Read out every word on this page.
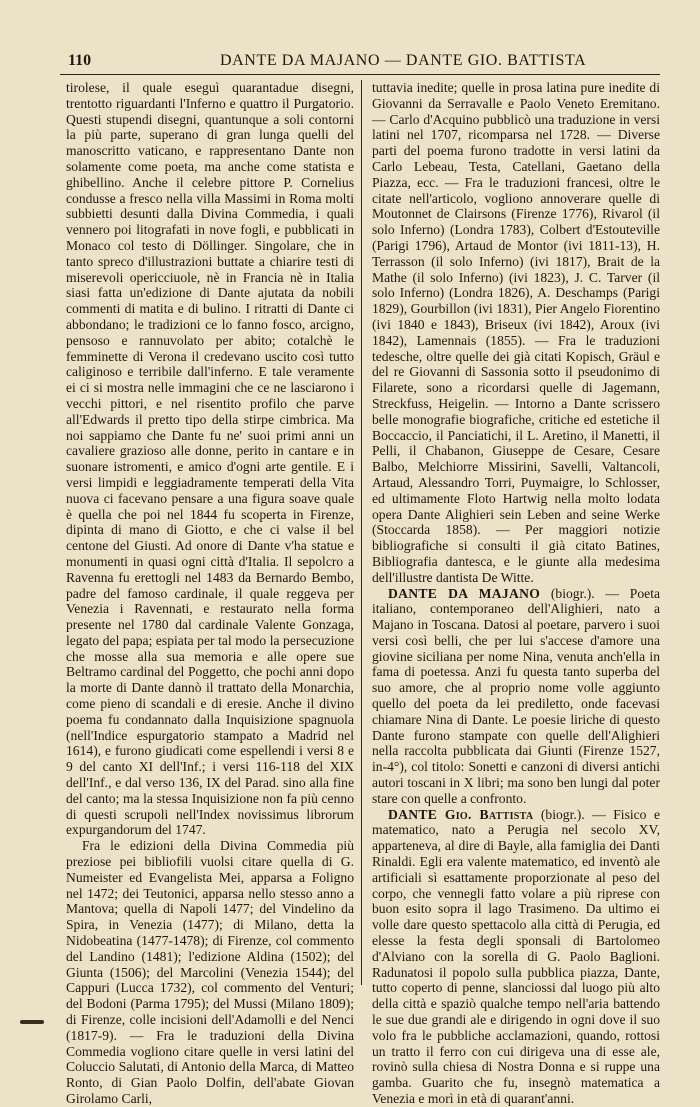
110	DANTE DA MAJANO — DANTE GIO. BATTISTA

tirolese, il quale eseguì quarantadue disegni, trentotto riguardanti l'Inferno e quattro il Purgatorio. Questi stupendi disegni, quantunque a soli contorni la più parte, superano di gran lunga quelli del manoscritto vaticano, e rappresentano Dante non solamente come poeta, ma anche come statista e ghibellino. Anche il celebre pittore P. Cornelius condusse a fresco nella villa Massimi in Roma molti subbietti desunti dalla Divina Commedia, i quali vennero poi litografati in nove fogli, e pubblicati in Monaco col testo di Döllinger. Singolare, che in tanto spreco d'illustrazioni buttate a chiarire testi di miserevoli opericciuole, nè in Francia nè in Italia siasi fatta un'edizione di Dante ajutata da nobili commenti di matita e di bulino. I ritratti di Dante ci abbondano; le tradizioni ce lo fanno fosco, arcigno, pensoso e rannuvolato per abito; cotalchè le femminette di Verona il credevano uscito così tutto caliginoso e terribile dall'inferno. E tale veramente ei ci si mostra nelle immagini che ce ne lasciarono i vecchi pittori, e nel risentito profilo che parve all'Edwards il pretto tipo della stirpe cimbrica. Ma noi sappiamo che Dante fu ne' suoi primi anni un cavaliere grazioso alle donne, perito in cantare e in suonare istromenti, e amico d'ogni arte gentile. E i versi limpidi e leggiadramente temperati della Vita nuova ci facevano pensare a una figura soave quale è quella che poi nel 1844 fu scoperta in Firenze, dipinta di mano di Giotto, e che ci valse il bel centone del Giusti. Ad onore di Dante v'ha statue e monumenti in quasi ogni città d'Italia. Il sepolcro a Ravenna fu erettogli nel 1483 da Bernardo Bembo, padre del famoso cardinale, il quale reggeva per Venezia i Ravennati, e restaurato nella forma presente nel 1780 dal cardinale Valente Gonzaga, legato del papa; espiata per tal modo la persecuzione che mosse alla sua memoria e alle opere sue Beltramo cardinal del Poggetto, che pochi anni dopo la morte di Dante dannò il trattato della Monarchia, come pieno di scandali e di eresie. Anche il divino poema fu condannato dalla Inquisizione spagnuola (nell'Indice espurgatorio stampato a Madrid nel 1614), e furono giudicati come espellendi i versi 8 e 9 del canto XI dell'Inf.; i versi 116-118 del XIX dell'Inf., e dal verso 136, IX del Parad. sino alla fine del canto; ma la stessa Inquisizione non fa più cenno di questi scrupoli nell'Index novissimus librorum expurgandorum del 1747.

Fra le edizioni della Divina Commedia più preziose pei bibliofili vuolsi citare quella di G. Numeister ed Evangelista Mei, apparsa a Foligno nel 1472; dei Teutonici, apparsa nello stesso anno a Mantova; quella di Napoli 1477; del Vindelino da Spira, in Venezia (1477); di Milano, detta la Nidobeatina (1477-1478); di Firenze, col commento del Landino (1481); l'edizione Aldina (1502); del Giunta (1506); del Marcolini (Venezia 1544); del Cappuri (Lucca 1732), col commento del Venturi; del Bodoni (Parma 1795); del Mussi (Milano 1809); di Firenze, colle incisioni dell'Adamolli e del Nenci (1817-9). — Fra le traduzioni della Divina Commedia vogliono citare quelle in versi latini del Coluccio Salutati, di Antonio della Marca, di Matteo Ronto, di Gian Paolo Dolfin, dell'abate Giovan Girolamo Carli,

tuttavia inedite; quelle in prosa latina pure inedite di Giovanni da Serravalle e Paolo Veneto Eremitano. — Carlo d'Acquino pubblicò una traduzione in versi latini nel 1707, ricomparsa nel 1728. — Diverse parti del poema furono tradotte in versi latini da Carlo Lebeau, Testa, Catellani, Gaetano della Piazza, ecc. — Fra le traduzioni francesi, oltre le citate nell'articolo, vogliono annoverare quelle di Moutonnet de Clairsons (Firenze 1776), Rivarol (il solo Inferno) (Londra 1783), Colbert d'Estouteville (Parigi 1796), Artaud de Montor (ivi 1811-13), H. Terrasson (il solo Inferno) (ivi 1817), Brait de la Mathe (il solo Inferno) (ivi 1823), J. C. Tarver (il solo Inferno) (Londra 1826), A. Deschamps (Parigi 1829), Gourbillon (ivi 1831), Pier Angelo Fiorentino (ivi 1840 e 1843), Briseux (ivi 1842), Aroux (ivi 1842), Lamennais (1855). — Fra le traduzioni tedesche, oltre quelle dei già citati Kopisch, Gräul e del re Giovanni di Sassonia sotto il pseudonimo di Filarete, sono a ricordarsi quelle di Jagemann, Streckfuss, Heigelin. — Intorno a Dante scrissero belle monografie biografiche, critiche ed estetiche il Boccaccio, il Panciatichi, il L. Aretino, il Manetti, il Pelli, il Chabanon, Giuseppe de Cesare, Cesare Balbo, Melchiorre Missirini, Savelli, Valtancoli, Artaud, Alessandro Torri, Puymaigre, lo Schlosser, ed ultimamente Floto Hartwig nella molto lodata opera Dante Alighieri sein Leben and seine Werke (Stoccarda 1858). — Per maggiori notizie bibliografiche si consulti il già citato Batines, Bibliografia dantesca, e le giunte alla medesima dell'illustre dantista De Witte.

DANTE DA MAJANO (biogr.). — Poeta italiano, contemporaneo dell'Alighieri, nato a Majano in Toscana. Datosi al poetare, parvero i suoi versi così belli, che per lui s'accese d'amore una giovine siciliana per nome Nina, venuta anch'ella in fama di poetessa. Anzi fu questa tanto superba del suo amore, che al proprio nome volle aggiunto quello del poeta da lei prediletto, onde facevasi chiamare Nina di Dante. Le poesie liriche di questo Dante furono stampate con quelle dell'Alighieri nella raccolta pubblicata dai Giunti (Firenze 1527, in-4°), col titolo: Sonetti e canzoni di diversi antichi autori toscani in X libri; ma sono ben lungi dal poter stare con quelle a confronto.

DANTE Gio. Battista (biogr.). — Fisico e matematico, nato a Perugia nel secolo XV, apparteneva, al dire di Bayle, alla famiglia dei Danti Rinaldi. Egli era valente matematico, ed inventò ale artificiali sì esattamente proporzionate al peso del corpo, che vennegli fatto volare a più riprese con buon esito sopra il lago Trasimeno. Da ultimo ei volle dare questo spettacolo alla città di Perugia, ed elesse la festa degli sponsali di Bartolomeo d'Alviano con la sorella di G. Paolo Baglioni. Radunatosi il popolo sulla pubblica piazza, Dante, tutto coperto di penne, slanciossi dal luogo più alto della città e spaziò qualche tempo nell'aria battendo le sue due grandi ale e dirigendo in ogni dove il suo volo fra le pubbliche acclamazioni, quando, rottosi un tratto il ferro con cui dirigeva una di esse ale, rovinò sulla chiesa di Nostra Donna e si ruppe una gamba. Guarito che fu, insegnò matematica a Venezia e morì in età di quarant'anni.
